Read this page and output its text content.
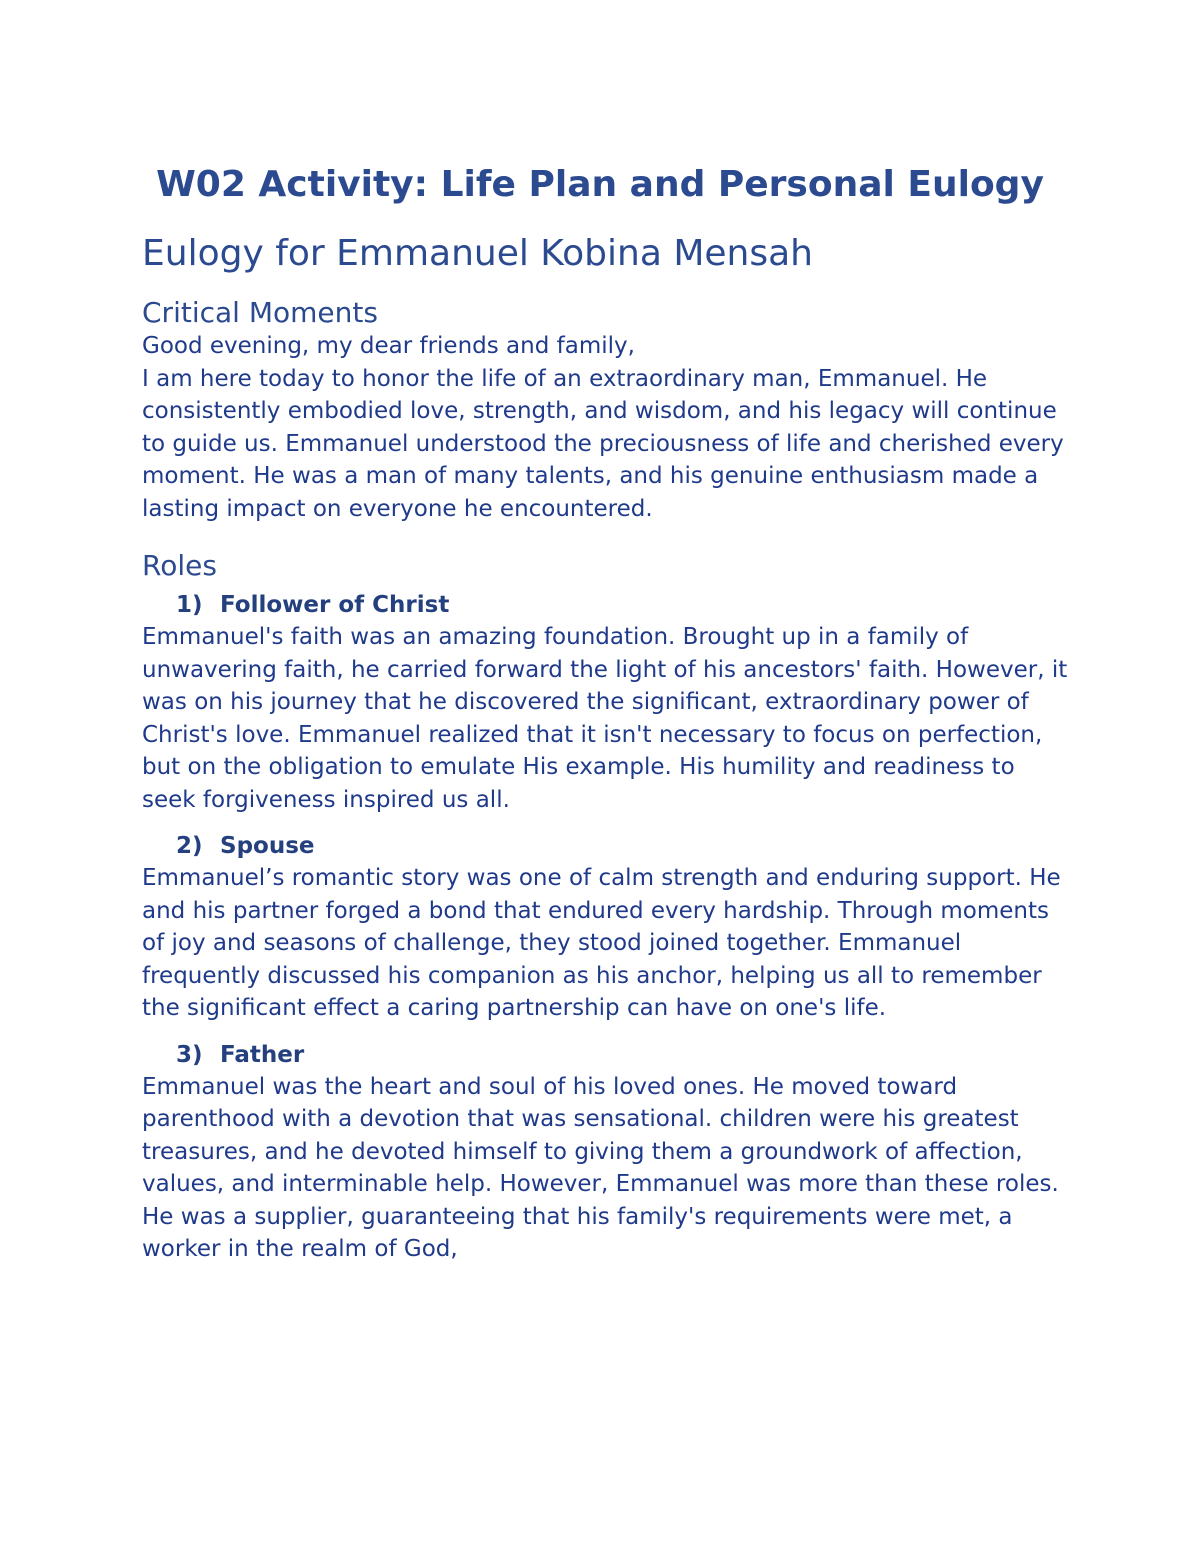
W02 Activity: Life Plan and Personal Eulogy
Eulogy for Emmanuel Kobina Mensah
Critical Moments

Good evening, my dear friends and family,

I am here today to honor the life of an extraordinary man, Emmanuel. He consistently embodied love, strength, and wisdom, and his legacy will continue to guide us. Emmanuel understood the preciousness of life and cherished every moment. He was a man of many talents, and his genuine enthusiasm made a lasting impact on everyone he encountered.

Roles
1) Follower of Christ

Emmanuel's faith was an amazing foundation. Brought up in a family of unwavering faith, he carried forward the light of his ancestors' faith. However, it was on his journey that he discovered the significant, extraordinary power of Christ's love. Emmanuel realized that it isn't necessary to focus on perfection, but on the obligation to emulate His example. His humility and readiness to seek forgiveness inspired us all.

2) Spouse

Emmanuel’s romantic story was one of calm strength and enduring support. He and his partner forged a bond that endured every hardship. Through moments of joy and seasons of challenge, they stood joined together. Emmanuel frequently discussed his companion as his anchor, helping us all to remember the significant effect a caring partnership can have on one's life.

3) Father

Emmanuel was the heart and soul of his loved ones. He moved toward parenthood with a devotion that was sensational. children were his greatest treasures, and he devoted himself to giving them a groundwork of affection, values, and interminable help. However, Emmanuel was more than these roles. He was a supplier, guaranteeing that his family's requirements were met, a worker in the realm of God,
